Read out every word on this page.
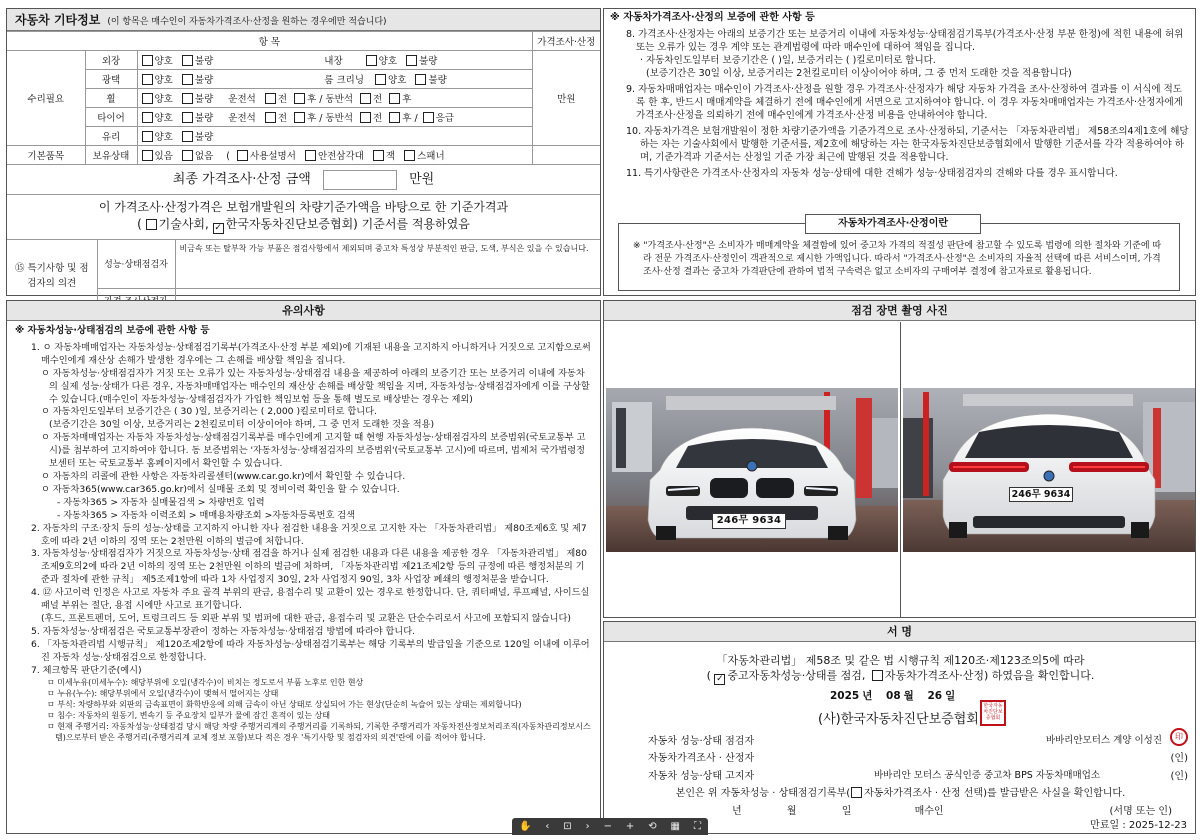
자동차 기타정보 (이 항목은 매수인이 자동차가격조사·산정을 원하는 경우에만 적습니다)
항 목			가격조사·산정
수리필요	외장	양호 불량 내장 양호 불량	만원
	광택	양호 불량 룸 크리닝 양호 불량	
	휠	양호 불량 운전석 전 후 / 동반석 전 후	
	타이어	양호 불량 운전석 전 후 / 동반석 전 후 / 응급	
	유리	양호 불량	
기본품목	보유상태	있음 없음 ( 사용설명서 안전삼각대 잭 스패너	
최종 가격조사·산정 금액	만원
이 가격조사·산정가격은 보험개발원의 차량기준가액을 바탕으로 한 기준가격과
( 기술사회, ✓ 한국자동차진단보증협회) 기준서를 적용하였음
⑮ 특기사항 및 점검자의 의견	성능·상태점검자	비금속 또는 탈부착 가능 부품은 점검사항에서 제외되며 중고차 특성상 부분적인 판금, 도색, 부식은 있을 수 있습니다.

※ 자동차가격조사·산정의 보증에 관한 사항 등

8. 가격조사·산정자는 아래의 보증기간 또는 보증거리 이내에 자동차성능·상태점검기록부(가격조사·산정 부분 한정)에 적힌 내용에 허위 또는 오류가 있는 경우 계약 또는 관계법령에 따라 매수인에 대하여 책임을 집니다.

· 자동차인도일부터 보증기간은 ( )일, 보증거리는 ( )킬로미터로 합니다.

(보증기간은 30일 이상, 보증거리는 2천킬로미터 이상이어야 하며, 그 중 먼저 도래한 것을 적용합니다)

9. 자동차매매업자는 매수인이 가격조사·산정을 원할 경우 가격조사·산정자가 해당 자동차 가격을 조사·산정하여 결과를 이 서식에 적도록 한 후, 반드시 매매계약을 체결하기 전에 매수인에게 서면으로 고지하여야 합니다. 이 경우 자동차매매업자는 가격조사·산정자에게 가격조사·산정을 의뢰하기 전에 매수인에게 가격조사·산정 비용을 안내하여야 합니다.

10. 자동차가격은 보험개발원이 정한 차량기준가액을 기준가격으로 조사·산정하되, 기준서는 「자동차관리법」 제58조의4제1호에 해당하는 자는 기술사회에서 발행한 기준서를, 제2호에 해당하는 자는 한국자동차진단보증협회에서 발행한 기준서를 각각 적용하여야 하며, 기준가격과 기준서는 산정일 기준 가장 최근에 발행된 것을 적용합니다.

11. 특기사항란은 가격조사·산정자의 자동차 성능·상태에 대한 견해가 성능·상태점검자의 견해와 다를 경우 표시합니다.

자동차가격조사·산정이란

※ "가격조사·산정"은 소비자가 매매계약을 체결함에 있어 중고차 가격의 적절성 판단에 참고할 수 있도록 법령에 의한 절차와 기준에 따라 전문 가격조사·산정인이 객관적으로 제시한 가액입니다. 따라서 "가격조사·산정"은 소비자의 자율적 선택에 따른 서비스이며, 가격조사·산정 결과는 중고차 가격판단에 관하여 법적 구속력은 없고 소비자의 구매여부 결정에 참고자료로 활용됩니다.

유의사항
※ 자동차성능·상태점검의 보증에 관한 사항 등

1. ㅇ 자동차매매업자는 자동차성능·상태점검기록부(가격조사·산정 부분 제외)에 기재된 내용을 고지하지 아니하거나 거짓으로 고지함으로써 매수인에게 재산상 손해가 발생한 경우에는 그 손해를 배상할 책임을 집니다.

ㅇ 자동차성능·상태점검자가 거짓 또는 오류가 있는 자동차성능·상태점검 내용을 제공하여 아래의 보증기간 또는 보증거리 이내에 자동차의 실제 성능·상태가 다른 경우, 자동차매매업자는 매수인의 재산상 손해를 배상할 책임을 지며, 자동차성능·상태점검자에게 이를 구상할 수 있습니다.(매수인이 자동차성능·상태점검자가 가입한 책임보험 등을 통해 별도로 배상받는 경우는 제외)

ㅇ 자동차인도일부터 보증기간은 ( 30 )일, 보증거리는 ( 2,000 )킬로미터로 합니다.

(보증기간은 30일 이상, 보증거리는 2천킬로미터 이상이어야 하며, 그 중 먼저 도래한 것을 적용)

ㅇ 자동차매매업자는 자동차 자동차성능·상태점검기록부를 매수인에게 고지할 때 현행 자동차성능·상태점검자의 보증범위(국토교통부 고시)를 첨부하여 고지하여야 합니다. 동 보증범위는 '자동차성능·상태점검자의 보증범위'(국토교통부 고시)에 따르며, 법제처 국가법령정보센터 또는 국토교통부 홈페이지에서 확인할 수 있습니다.

ㅇ 자동차의 리콜에 관한 사항은 자동차리콜센터(www.car.go.kr)에서 확인할 수 있습니다.

ㅇ 자동차365(www.car365.go.kr)에서 실매물 조회 및 정비이력 확인을 할 수 있습니다.

- 자동차365 > 자동차 실매물검색 > 차량번호 입력

- 자동차365 > 자동차 이력조회 > 매매용차량조회 >자동차등록번호 검색

2. 자동차의 구조·장치 등의 성능·상태를 고지하지 아니한 자나 점검한 내용을 거짓으로 고지한 자는 「자동차관리법」 제80조제6호 및 제7호에 따라 2년 이하의 징역 또는 2천만원 이하의 벌금에 처합니다.

3. 자동차성능·상태점검자가 거짓으로 자동차성능·상태 점검을 하거나 실제 점검한 내용과 다른 내용을 제공한 경우 「자동차관리법」 제80조제9호의2에 따라 2년 이하의 징역 또는 2천만원 이하의 벌금에 처하며, 「자동차관리법 제21조제2항 등의 규정에 따른 행정처분의 기준과 절차에 관한 규칙」 제5조제1항에 따라 1차 사업정지 30일, 2차 사업정지 90일, 3차 사업장 폐쇄의 행정처분을 받습니다.

4. ⑫ 사고이력 인정은 사고로 자동차 주요 골격 부위의 판금, 용접수리 및 교환이 있는 경우로 한정합니다. 단, 쿼터패널, 루프패널, 사이드실패널 부위는 절단, 용접 시에만 사고로 표기합니다.

(후드, 프론트펜더, 도어, 트렁크리드 등 외판 부위 및 범퍼에 대한 판금, 용접수리 및 교환은 단순수리로서 사고에 포함되지 않습니다)

5. 자동차성능·상태점검은 국토교통부장관이 정하는 자동차성능·상태점검 방법에 따라야 합니다.

6. 「자동차관리법 시행규칙」 제120조제2항에 따라 자동차성능·상태점검기록부는 해당 기록부의 발급일을 기준으로 120일 이내에 이루어진 자동차 성능·상태점검으로 한정합니다.

7. 체크항목 판단기준(예시)

ㅁ 미세누유(미세누수): 해당부위에 오일(냉각수)이 비치는 정도로서 부품 노후로 인한 현상

ㅁ 누유(누수): 해당부위에서 오일(냉각수)이 맺혀서 떨어지는 상태

ㅁ 부식: 차량하부와 외판의 금속표면이 화학반응에 의해 금속이 아닌 상태로 상실되어 가는 현상(단순히 녹슬어 있는 상태는 제외합니다)

ㅁ 침수: 자동차의 원동기, 변속기 등 주요장치 일부가 물에 잠긴 흔적이 있는 상태

ㅁ 현재 주행거리: 자동차성능·상태점검 당시 해당 차량 주행거리계의 주행거리를 기록하되, 기록한 주행거리가 자동차전산정보처리조직(자동차관리정보시스템)으로부터 받은 주행거리(주행거리계 교체 정보 포함)보다 적은 경우 '특기사항 및 점검자의 의견'란에 이를 적어야 합니다.

점검 장면 촬영 사진
246무 9634
246무 9634
서 명
「자동차관리법」 제58조 및 같은 법 시행규칙 제120조·제123조의5에 따라
( ✓ 중고자동차성능·상태를 점검, 자동차가격조사·산정) 하였음을 확인합니다.
2025 년 08 월 26 일
(사)한국자동차진단보증협회
한국자동차진단보증협회
자동차 성능·상태 점검자	바바리안모터스 계양 이성진	印
자동차가격조사 · 산정자	(인)
자동차 성능·상태 고지자	바바리안 모터스 공식인증 중고차 BPS 자동차매매업소	(인)
본인은 위 자동차성능 · 상태점검기록부( 자동차가격조사 · 산정 선택)를 발급받은 사실을 확인합니다.
년	월	일	매수인	(서명 또는 인)
만료일 : 2025-12-23
✋ ‹ ⊡ › − + ⟲ ▦ ⛶
